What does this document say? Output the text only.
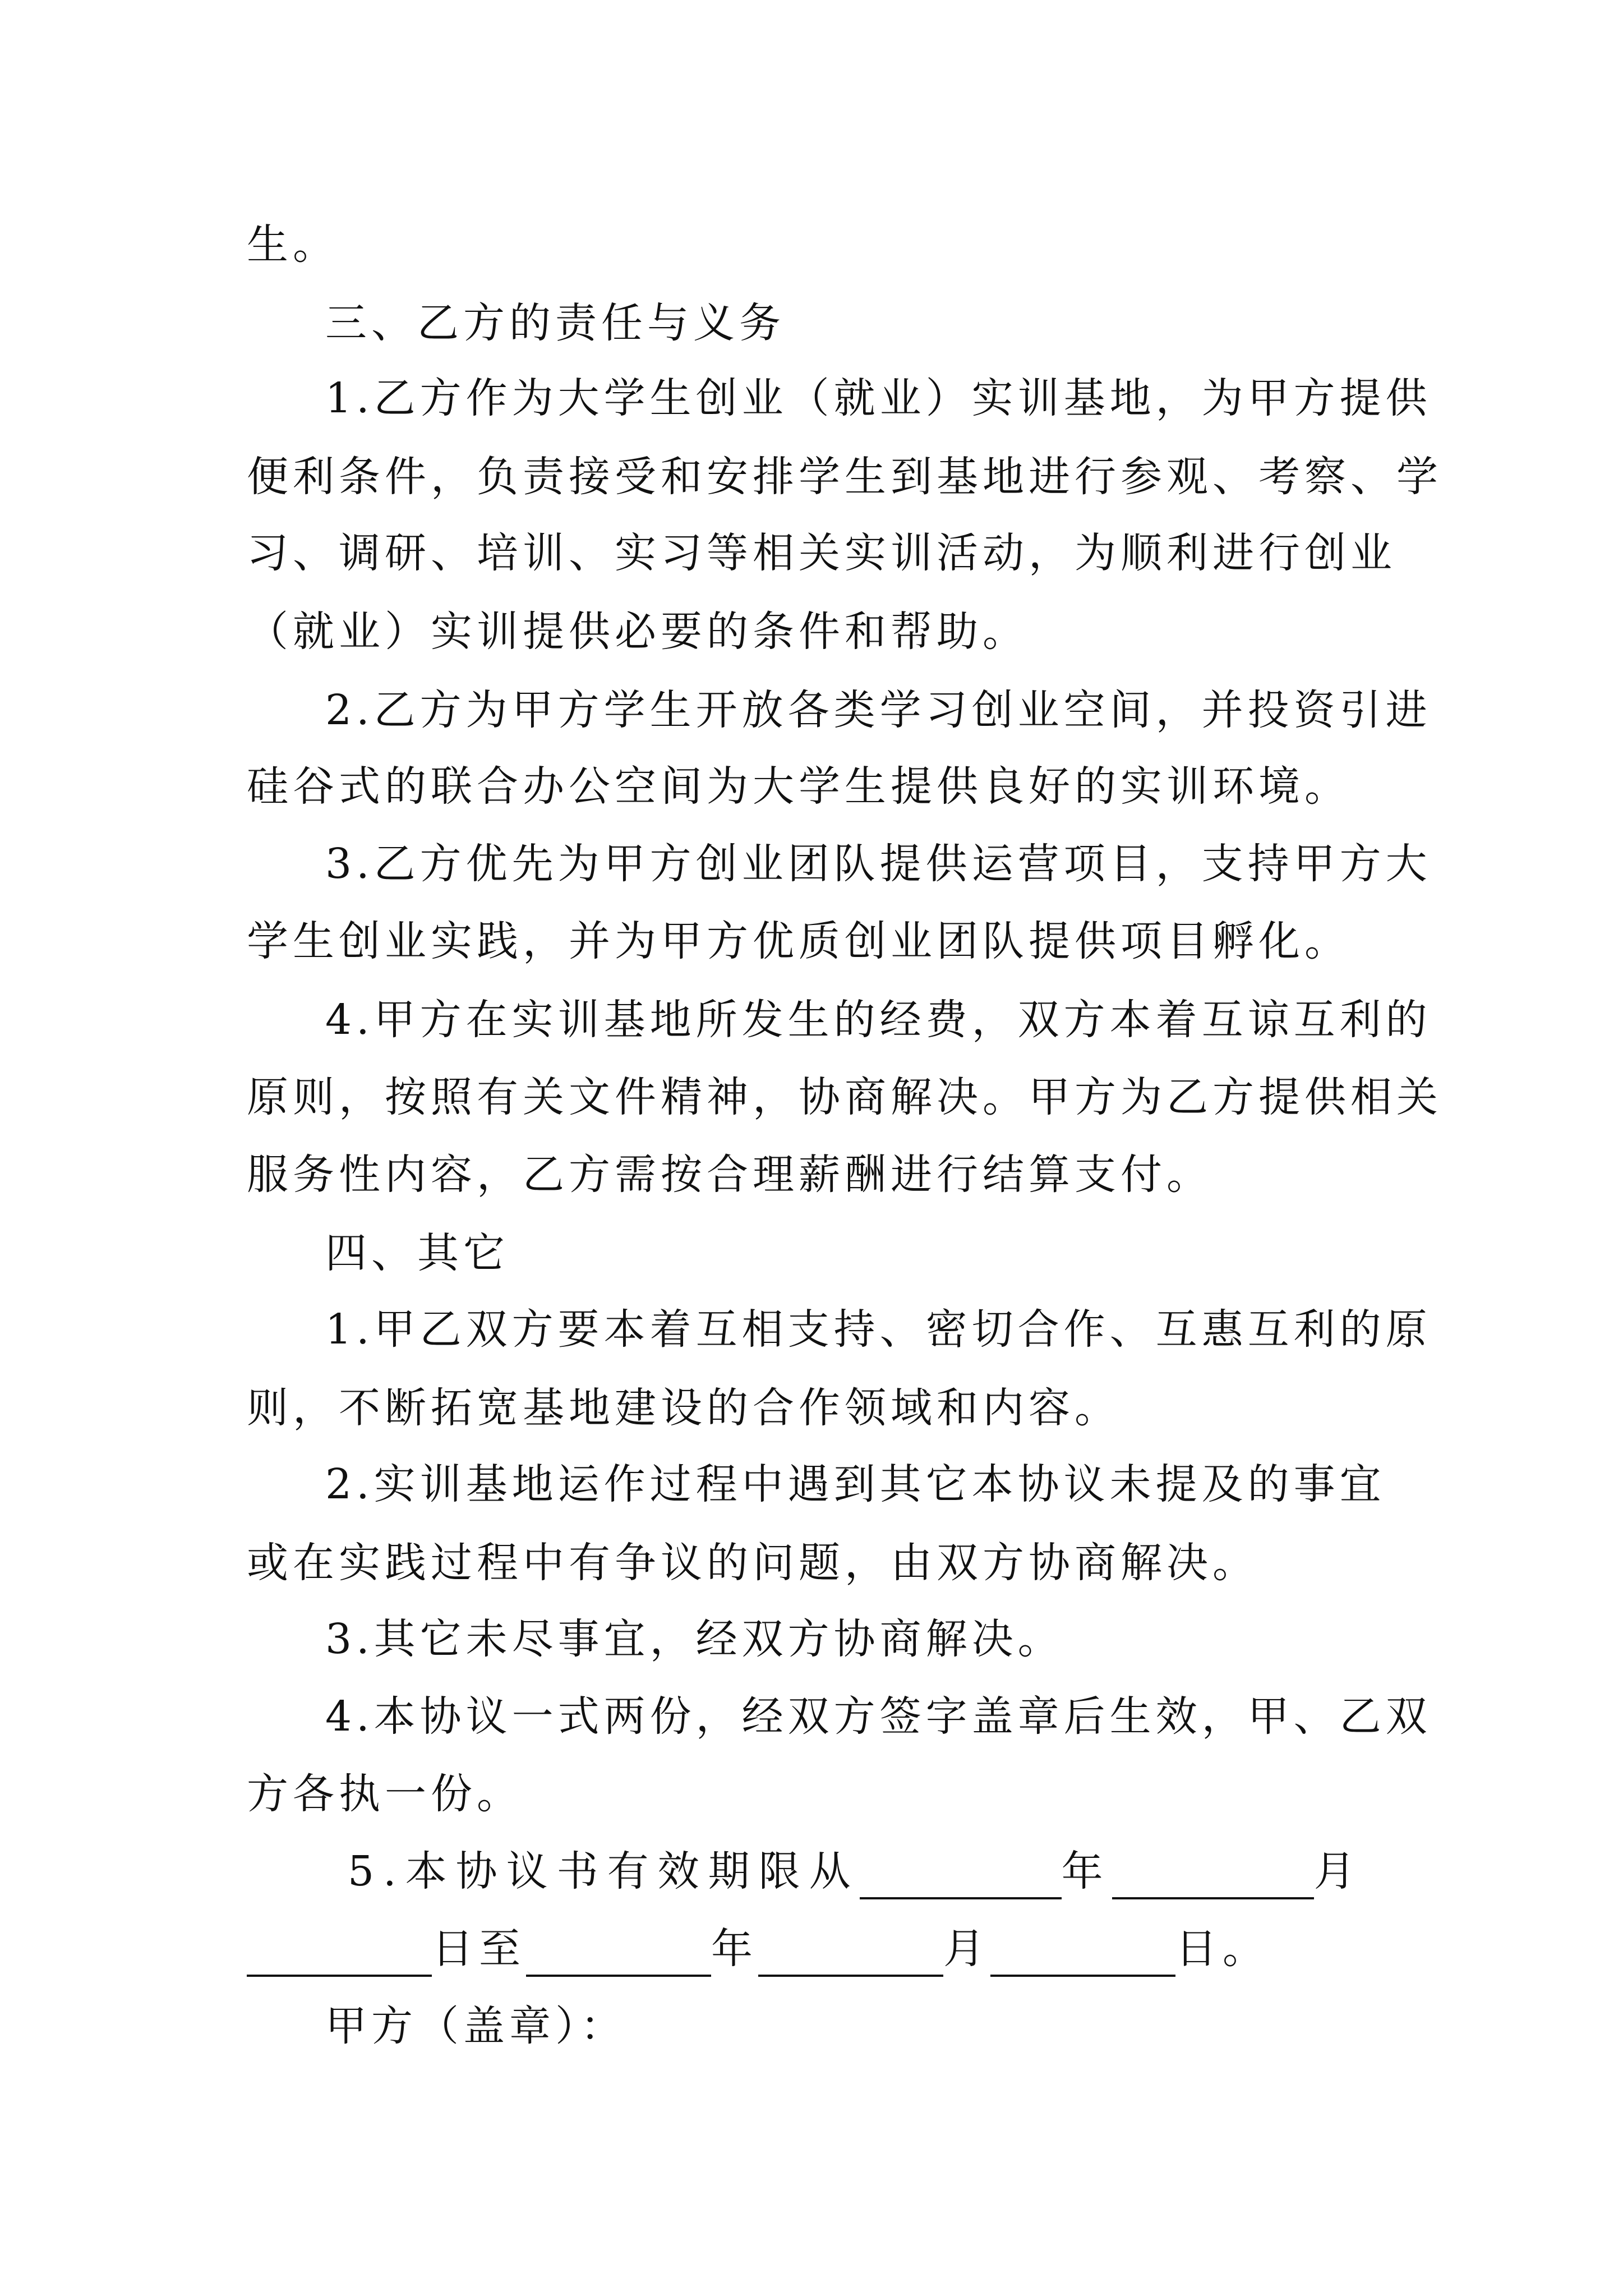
生。
三、乙方的责任与义务
1.乙方作为大学生创业（就业）实训基地，为甲方提供
便利条件，负责接受和安排学生到基地进行参观、考察、学
习、调研、培训、实习等相关实训活动，为顺利进行创业
（就业）实训提供必要的条件和帮助。
2.乙方为甲方学生开放各类学习创业空间，并投资引进
硅谷式的联合办公空间为大学生提供良好的实训环境。
3.乙方优先为甲方创业团队提供运营项目，支持甲方大
学生创业实践，并为甲方优质创业团队提供项目孵化。
4.甲方在实训基地所发生的经费，双方本着互谅互利的
原则，按照有关文件精神，协商解决。甲方为乙方提供相关
服务性内容，乙方需按合理薪酬进行结算支付。
四、其它
1.甲乙双方要本着互相支持、密切合作、互惠互利的原
则，不断拓宽基地建设的合作领域和内容。
2.实训基地运作过程中遇到其它本协议未提及的事宜
或在实践过程中有争议的问题，由双方协商解决。
3.其它未尽事宜，经双方协商解决。
4.本协议一式两份，经双方签字盖章后生效，甲、乙双
方各执一份。
5.本协议书有效期限从	年	月
日至	年	月	日。
甲方（盖章）：
